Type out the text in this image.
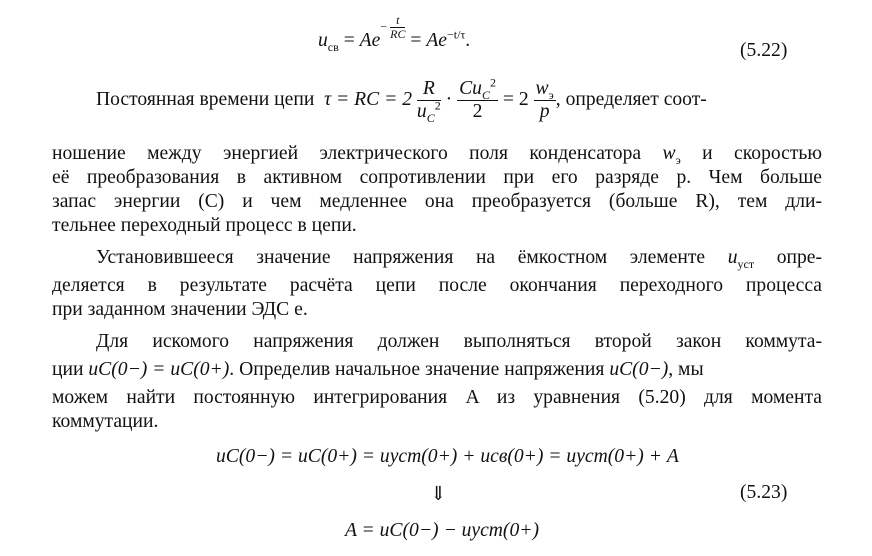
$u_{св} = Ae- \frac{t}{RC} = Ae^{-t/\tau}$.	(5.22)
Постоянная времени цепи τ = RC = $2 \frac{R}{u_C^2} \cdot \frac{Cu_C^2}{2} = 2 \frac{w_э}{p}$ , определяет соот-
ношение между энергией электрического поля конденсатора $w_э$ и скоростью
её преобразования в активном сопротивлении при его разряде p. Чем больше
запас энергии (C) и чем медленнее она преобразуется (больше R), тем дли-
тельнее переходный процесс в цепи.
Установившееся значение напряжения на ёмкостном элементе $u_{уст}$ опре-
деляется в результате расчёта цепи после окончания переходного процесса
при заданном значении ЭДС e.
Для искомого напряжения должен выполняться второй закон коммута-
ции uC(0−) = uC(0+). Определив начальное значение напряжения uC(0−), мы
можем найти постоянную интегрирования A из уравнения (5.20) для момента
коммутации.
uC(0−) = uC(0+) = uуст(0+) + uсв(0+) = uуст(0+) + A
⇓	(5.23)
A = uC(0−) − uуст(0+)
